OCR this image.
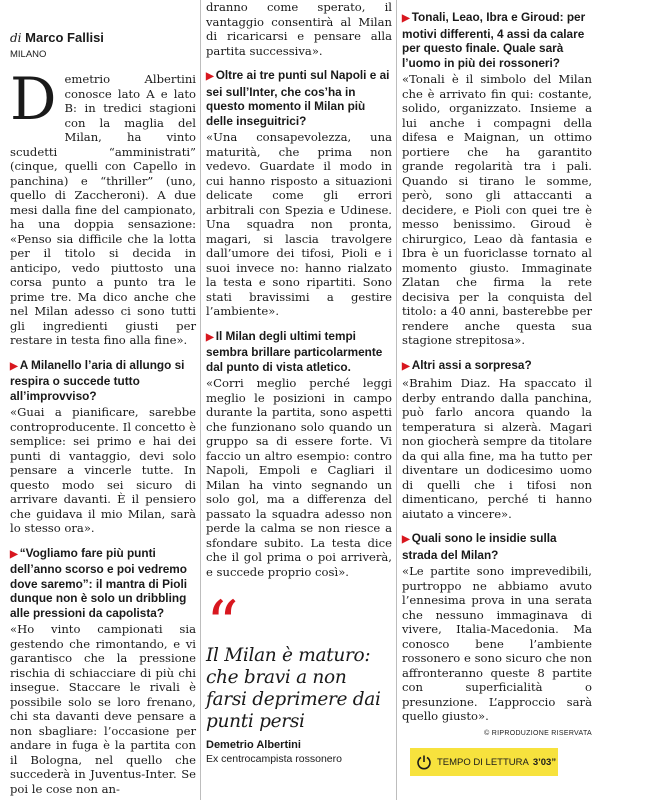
di Marco Fallisi
MILANO

Demetrio Albertini conosce lato A e lato B: in tredici stagioni con la maglia del Milan, ha vinto scudetti “amministrati” (cinque, quelli con Capello in panchina) e “thriller” (uno, quello di Zaccheroni). A due mesi dalla fine del campionato, ha una doppia sensazione: «Penso sia difficile che la lotta per il titolo si decida in anticipo, vedo piuttosto una corsa punto a punto tra le prime tre. Ma dico anche che nel Milan adesso ci sono tutti gli ingredienti giusti per restare in testa fino alla fine».

▶ A Milanello l’aria di allungo si respira o succede tutto all’improvviso?

«Guai a pianificare, sarebbe controproducente. Il concetto è semplice: sei primo e hai dei punti di vantaggio, devi solo pensare a vincerle tutte. In questo modo sei sicuro di arrivare davanti. È il pensiero che guidava il mio Milan, sarà lo stesso ora».

▶ “Vogliamo fare più punti dell’anno scorso e poi vedremo dove saremo”: il mantra di Pioli dunque non è solo un dribbling alle pressioni da capolista?

«Ho vinto campionati sia gestendo che rimontando, e vi garantisco che la pressione rischia di schiacciare di più chi insegue. Staccare le rivali è possibile solo se loro frenano, chi sta davanti deve pensare a non sbagliare: l’occasione per andare in fuga è la partita con il Bologna, nel quello che succederà in Juventus-Inter. Se poi le cose non an-

dranno come sperato, il vantaggio consentirà al Milan di ricaricarsi e pensare alla partita successiva».

▶ Oltre ai tre punti sul Napoli e ai sei sull’Inter, che cos’ha in questo momento il Milan più delle inseguitrici?

«Una consapevolezza, una maturità, che prima non vedevo. Guardate il modo in cui hanno risposto a situazioni delicate come gli errori arbitrali con Spezia e Udinese. Una squadra non pronta, magari, si lascia travolgere dall’umore dei tifosi, Pioli e i suoi invece no: hanno rialzato la testa e sono ripartiti. Sono stati bravissimi a gestire l’ambiente».

▶ Il Milan degli ultimi tempi sembra brillare particolarmente dal punto di vista atletico.

«Corri meglio perché leggi meglio le posizioni in campo durante la partita, sono aspetti che funzionano solo quando un gruppo sa di essere forte. Vi faccio un altro esempio: contro Napoli, Empoli e Cagliari il Milan ha vinto segnando un solo gol, ma a differenza del passato la squadra adesso non perde la calma se non riesce a sfondare subito. La testa dice che il gol prima o poi arriverà, e succede proprio così».

“
Il Milan è maturo: che bravi a non farsi deprimere dai punti persi
Demetrio Albertini
Ex centrocampista rossonero
▶ Tonali, Leao, Ibra e Giroud: per motivi differenti, 4 assi da calare per questo finale. Quale sarà l’uomo in più dei rossoneri?

«Tonali è il simbolo del Milan che è arrivato fin qui: costante, solido, organizzato. Insieme a lui anche i compagni della difesa e Maignan, un ottimo portiere che ha garantito grande regolarità tra i pali. Quando si tirano le somme, però, sono gli attaccanti a decidere, e Pioli con quei tre è messo benissimo. Giroud è chirurgico, Leao dà fantasia e Ibra è un fuoriclasse tornato al momento giusto. Immaginate Zlatan che firma la rete decisiva per la conquista del titolo: a 40 anni, basterebbe per rendere anche questa sua stagione strepitosa».

▶ Altri assi a sorpresa?

«Brahim Diaz. Ha spaccato il derby entrando dalla panchina, può farlo ancora quando la temperatura si alzerà. Magari non giocherà sempre da titolare da qui alla fine, ma ha tutto per diventare un dodicesimo uomo di quelli che i tifosi non dimenticano, perché ti hanno aiutato a vincere».

▶ Quali sono le insidie sulla strada del Milan?

«Le partite sono imprevedibili, purtroppo ne abbiamo avuto l’ennesima prova in una serata che nessuno immaginava di vivere, Italia-Macedonia. Ma conosco bene l’ambiente rossonero e sono sicuro che non affronteranno queste 8 partite con superficialità o presunzione. L’approccio sarà quello giusto».

© RIPRODUZIONE RISERVATA
TEMPO DI LETTURA 3’03”
